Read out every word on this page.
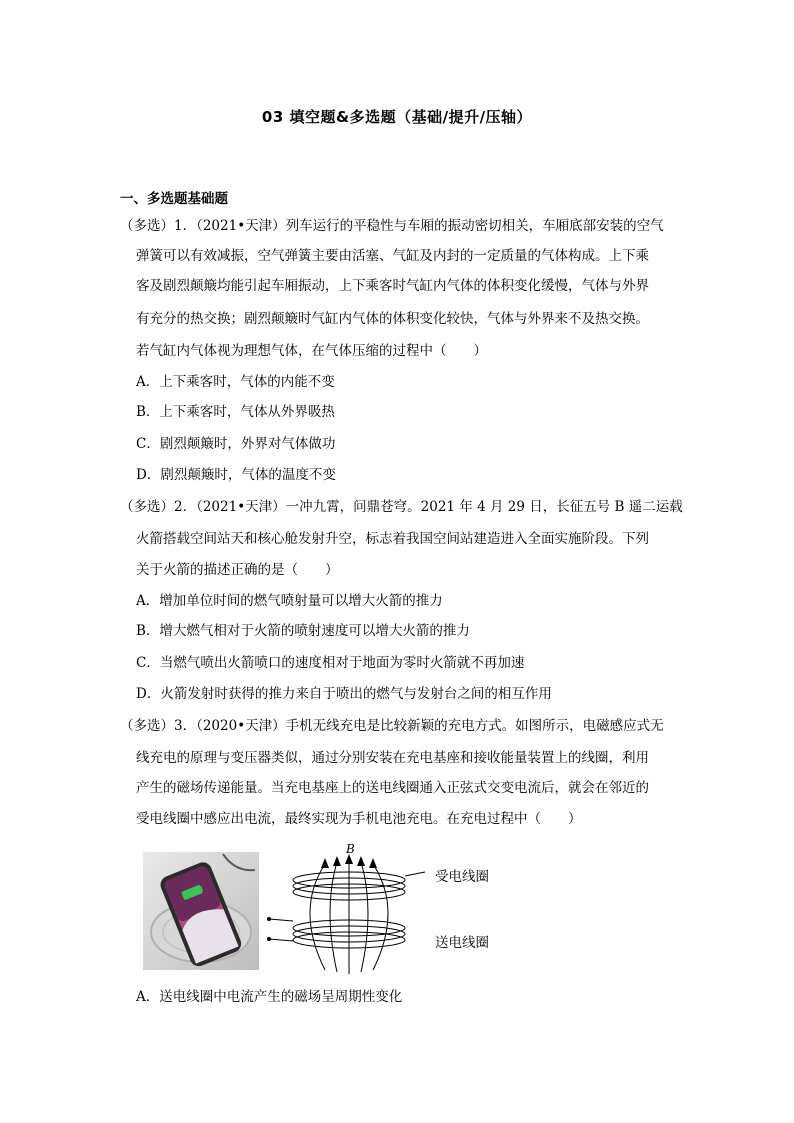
03 填空题&多选题（基础/提升/压轴）
一、多选题基础题
（多选）1．（2021•天津）列车运行的平稳性与车厢的振动密切相关，车厢底部安装的空气
弹簧可以有效减振，空气弹簧主要由活塞、气缸及内封的一定质量的气体构成。上下乘
客及剧烈颠簸均能引起车厢振动，上下乘客时气缸内气体的体积变化缓慢，气体与外界
有充分的热交换；剧烈颠簸时气缸内气体的体积变化较快，气体与外界来不及热交换。
若气缸内气体视为理想气体，在气体压缩的过程中（　　）
A．上下乘客时，气体的内能不变
B．上下乘客时，气体从外界吸热
C．剧烈颠簸时，外界对气体做功
D．剧烈颠簸时，气体的温度不变
（多选）2．（2021•天津）一冲九霄，问鼎苍穹。2021 年 4 月 29 日，长征五号 B 遥二运载
火箭搭载空间站天和核心舱发射升空，标志着我国空间站建造进入全面实施阶段。下列
关于火箭的描述正确的是（　　）
A．增加单位时间的燃气喷射量可以增大火箭的推力
B．增大燃气相对于火箭的喷射速度可以增大火箭的推力
C．当燃气喷出火箭喷口的速度相对于地面为零时火箭就不再加速
D．火箭发射时获得的推力来自于喷出的燃气与发射台之间的相互作用
（多选）3．（2020•天津）手机无线充电是比较新颖的充电方式。如图所示，电磁感应式无
线充电的原理与变压器类似，通过分别安装在充电基座和接收能量装置上的线圈，利用
产生的磁场传递能量。当充电基座上的送电线圈通入正弦式交变电流后，就会在邻近的
受电线圈中感应出电流，最终实现为手机电池充电。在充电过程中（　　）
B
受电线圈
送电线圈
A．送电线圈中电流产生的磁场呈周期性变化
